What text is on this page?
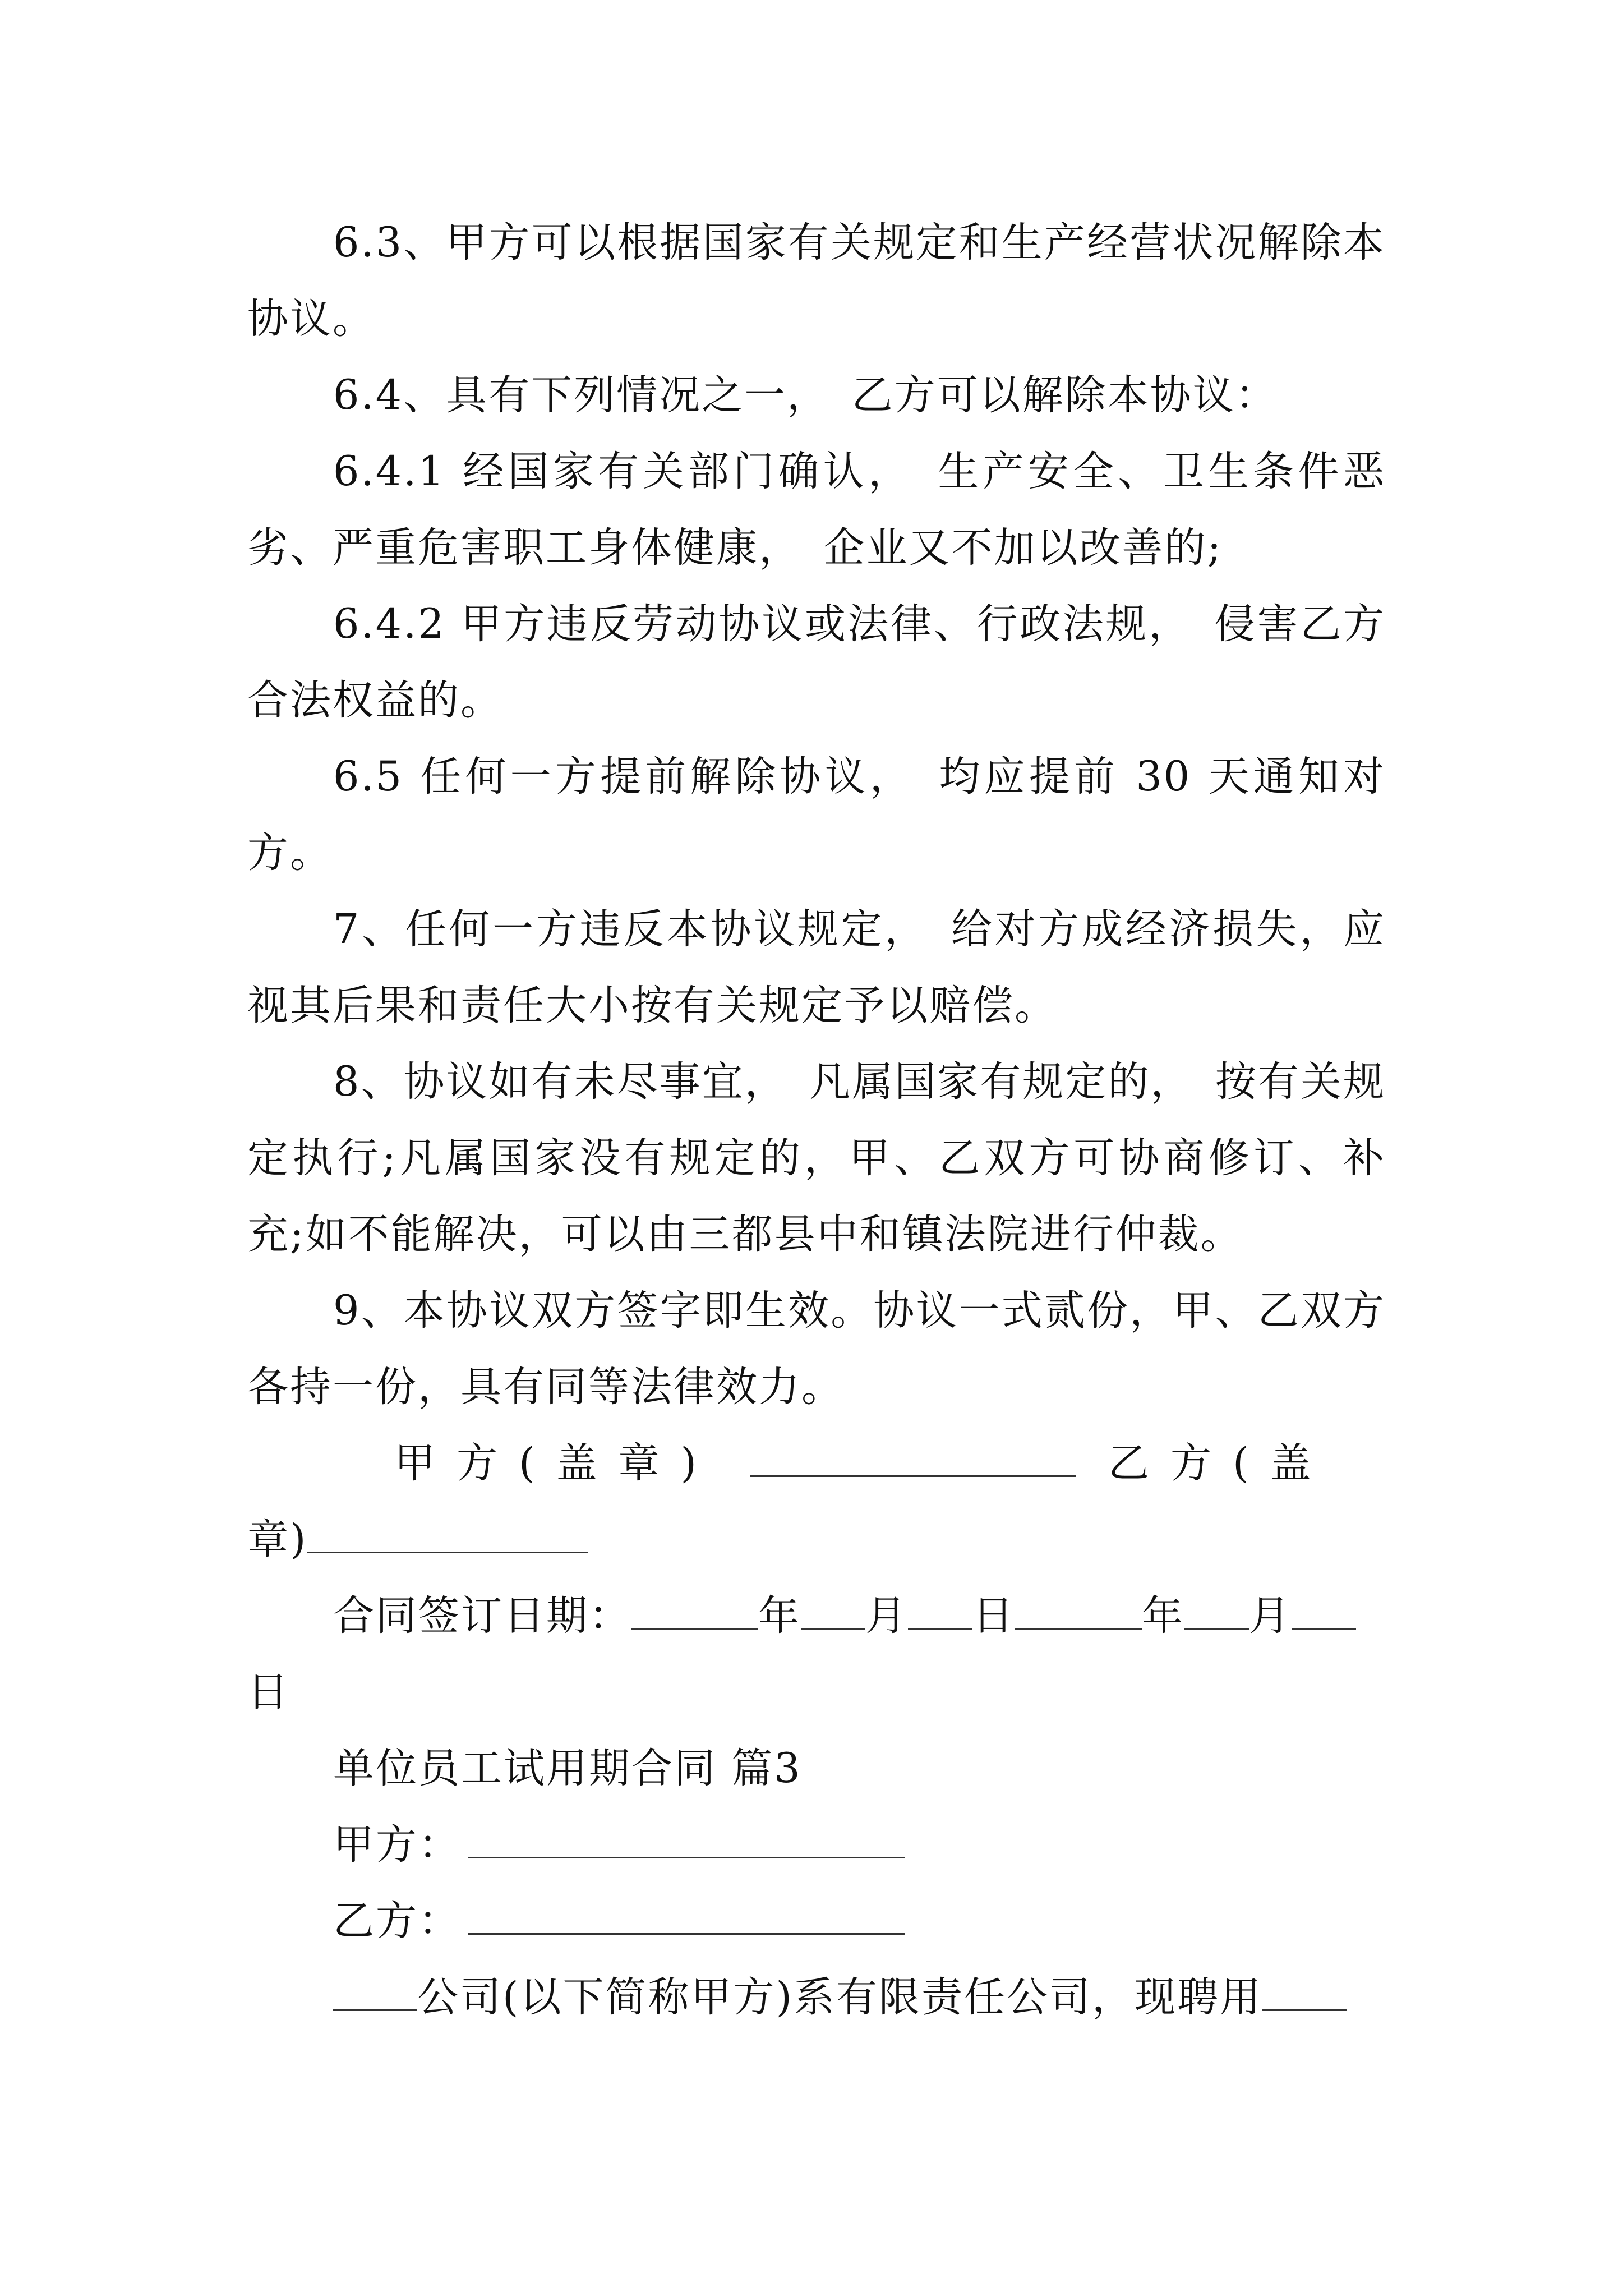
6.3、甲方可以根据国家有关规定和生产经营状况解除本协议。

6.4、具有下列情况之一，　乙方可以解除本协议：

6.4.1 经国家有关部门确认，　生产安全、卫生条件恶劣、严重危害职工身体健康，　企业又不加以改善的;

6.4.2 甲方违反劳动协议或法律、行政法规，　侵害乙方合法权益的。

6.5 任何一方提前解除协议，　均应提前 30 天通知对方。

7、任何一方违反本协议规定，　给对方成经济损失，应视其后果和责任大小按有关规定予以赔偿。

8、协议如有未尽事宜，　凡属国家有规定的，　按有关规定执行;凡属国家没有规定的，甲、乙双方可协商修订、补充;如不能解决，可以由三都县中和镇法院进行仲裁。

9、本协议双方签字即生效。协议一式贰份，甲、乙双方各持一份，具有同等法律效力。

甲方(盖章)	乙方(盖章)

合同签订日期：	年 月 日	年 月日

单位员工试用期合同 篇3

甲方：

乙方：

公司(以下简称甲方)系有限责任公司，现聘用
